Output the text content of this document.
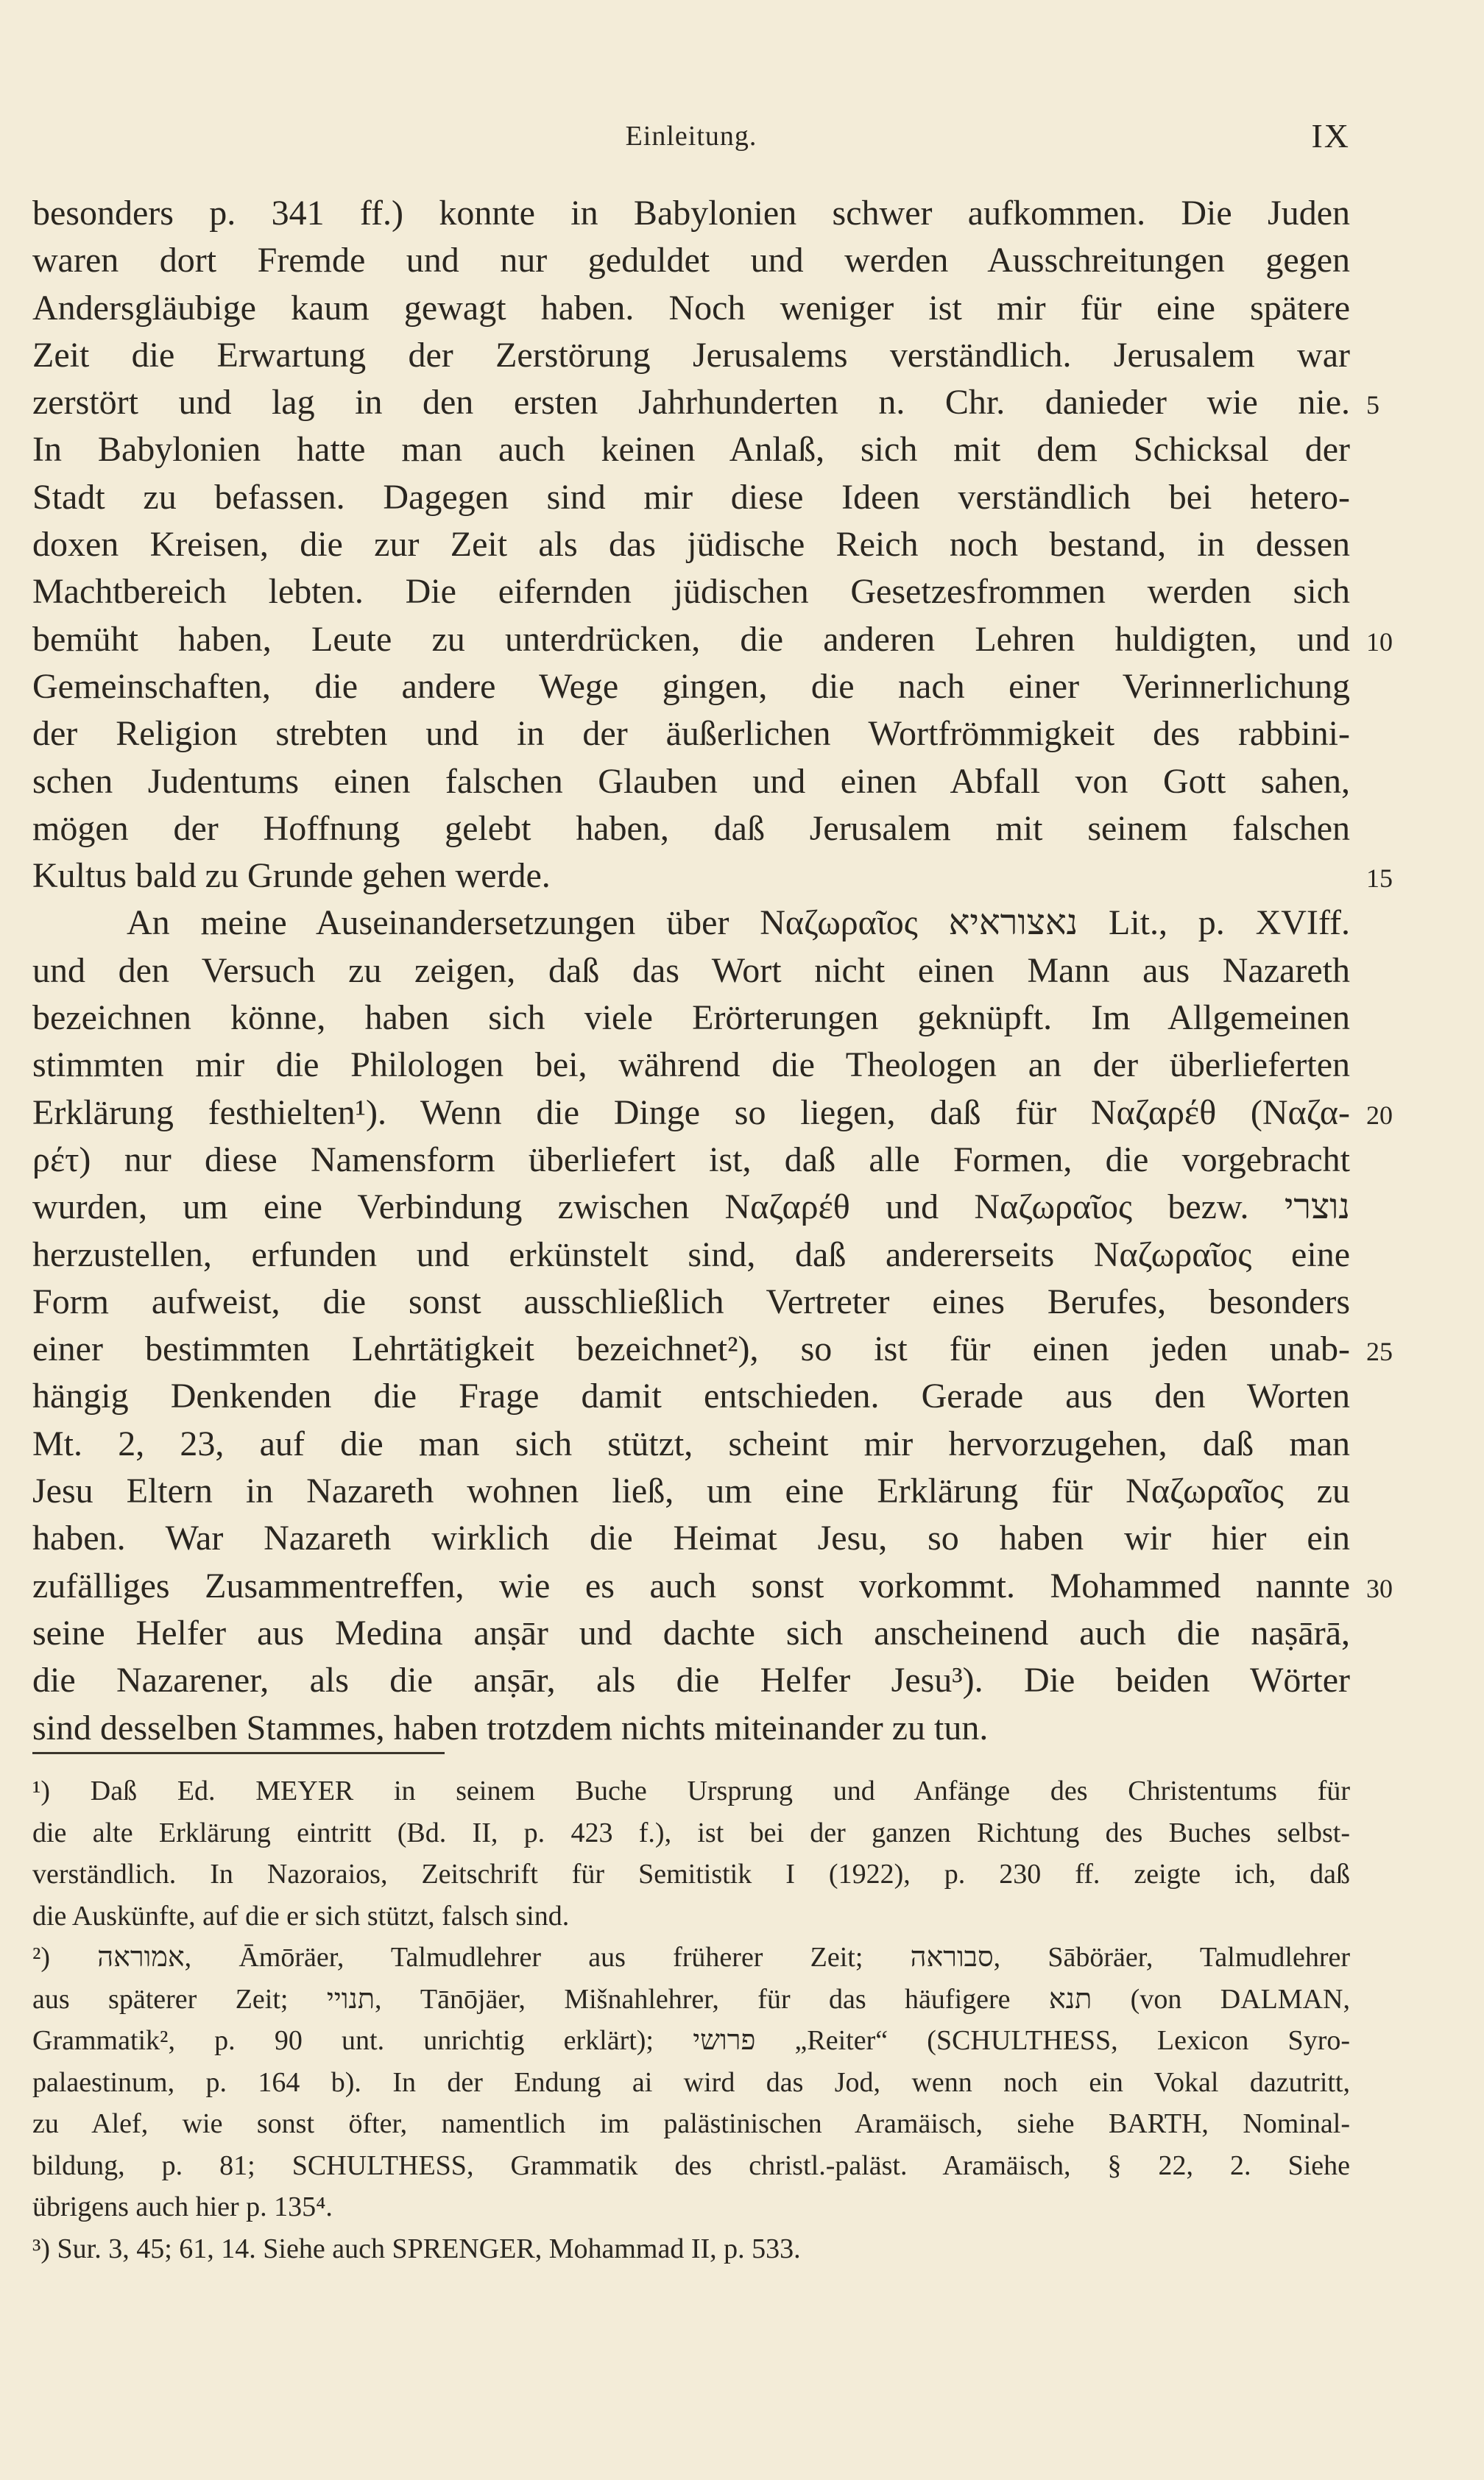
Einleitung.	IX
besonders p. 341 ff.) konnte in Babylonien schwer aufkommen. Die Juden
waren dort Fremde und nur geduldet und werden Ausschreitungen gegen
Andersgläubige kaum gewagt haben. Noch weniger ist mir für eine spätere
Zeit die Erwartung der Zerstörung Jerusalems verständlich. Jerusalem war
zerstört und lag in den ersten Jahrhunderten n. Chr. danieder wie nie. 5
In Babylonien hatte man auch keinen Anlaß, sich mit dem Schicksal der
Stadt zu befassen. Dagegen sind mir diese Ideen verständlich bei hetero-
doxen Kreisen, die zur Zeit als das jüdische Reich noch bestand, in dessen
Machtbereich lebten. Die eifernden jüdischen Gesetzesfrommen werden sich
bemüht haben, Leute zu unterdrücken, die anderen Lehren huldigten, und 10
Gemeinschaften, die andere Wege gingen, die nach einer Verinnerlichung
der Religion strebten und in der äußerlichen Wortfrömmigkeit des rabbini-
schen Judentums einen falschen Glauben und einen Abfall von Gott sahen,
mögen der Hoffnung gelebt haben, daß Jerusalem mit seinem falschen
Kultus bald zu Grunde gehen werde.	15
An meine Auseinandersetzungen über Ναζωραῖος נאצוראיא Lit., p. XVIff.
und den Versuch zu zeigen, daß das Wort nicht einen Mann aus Nazareth
bezeichnen könne, haben sich viele Erörterungen geknüpft. Im Allgemeinen
stimmten mir die Philologen bei, während die Theologen an der überlieferten
Erklärung festhielten¹). Wenn die Dinge so liegen, daß für Ναζαρέθ (Ναζα- 20
ρέτ) nur diese Namensform überliefert ist, daß alle Formen, die vorgebracht
wurden, um eine Verbindung zwischen Ναζαρέθ und Ναζωραῖος bezw. נוצרי
herzustellen, erfunden und erkünstelt sind, daß andererseits Ναζωραῖος eine
Form aufweist, die sonst ausschließlich Vertreter eines Berufes, besonders
einer bestimmten Lehrtätigkeit bezeichnet²), so ist für einen jeden unab- 25
hängig Denkenden die Frage damit entschieden. Gerade aus den Worten
Mt. 2, 23, auf die man sich stützt, scheint mir hervorzugehen, daß man
Jesu Eltern in Nazareth wohnen ließ, um eine Erklärung für Ναζωραῖος zu
haben. War Nazareth wirklich die Heimat Jesu, so haben wir hier ein
zufälliges Zusammentreffen, wie es auch sonst vorkommt. Mohammed nannte 30
seine Helfer aus Medina anṣār und dachte sich anscheinend auch die naṣārā,
die Nazarener, als die anṣār, als die Helfer Jesu³). Die beiden Wörter
sind desselben Stammes, haben trotzdem nichts miteinander zu tun.
¹) Daß Ed. MEYER in seinem Buche Ursprung und Anfänge des Christentums für
die alte Erklärung eintritt (Bd. II, p. 423 f.), ist bei der ganzen Richtung des Buches selbst-
verständlich. In Nazoraios, Zeitschrift für Semitistik I (1922), p. 230 ff. zeigte ich, daß
die Auskünfte, auf die er sich stützt, falsch sind.
²) אמוראה, Āmōräer, Talmudlehrer aus früherer Zeit; סבוראה, Sāböräer, Talmudlehrer
aus späterer Zeit; תנויי, Tānōjäer, Mišnahlehrer, für das häufigere תנא (von DALMAN,
Grammatik², p. 90 unt. unrichtig erklärt); פרושי „Reiter“ (SCHULTHESS, Lexicon Syro-
palaestinum, p. 164 b). In der Endung ai wird das Jod, wenn noch ein Vokal dazutritt,
zu Alef, wie sonst öfter, namentlich im palästinischen Aramäisch, siehe BARTH, Nominal-
bildung, p. 81; SCHULTHESS, Grammatik des christl.-paläst. Aramäisch, § 22, 2. Siehe
übrigens auch hier p. 135⁴.
³) Sur. 3, 45; 61, 14. Siehe auch SPRENGER, Mohammad II, p. 533.
